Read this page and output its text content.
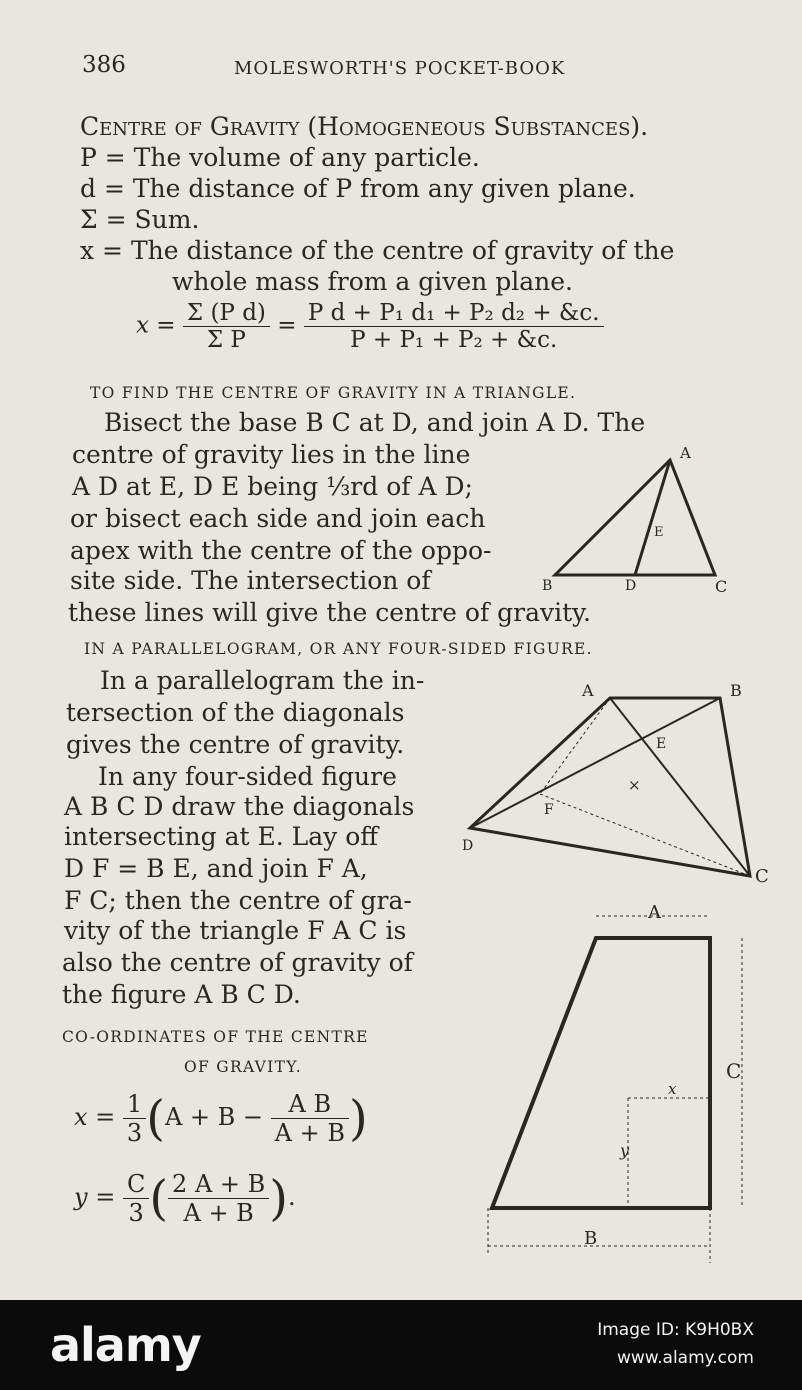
386	MOLESWORTH'S POCKET-BOOK
Centre of Gravity (Homogeneous Substances).
P = The volume of any particle.
d = The distance of P from any given plane.
Σ = Sum.
x = The distance of the centre of gravity of the
whole mass from a given plane.
$x = \frac{\text{Σ (P d)}}{\text{Σ P}} = \frac{\text{P d + P₁ d₁ + P₂ d₂ + \&c.}}{\text{P + P₁ + P₂ + \&c.}}$
TO FIND THE CENTRE OF GRAVITY IN A TRIANGLE.
Bisect the base B C at D, and join A D. The
centre of gravity lies in the line
A D at E, D E being ⅓rd of A D;
or bisect each side and join each
apex with the centre of the oppo-
site side. The intersection of
these lines will give the centre of gravity.
A
B	D	C
E
IN A PARALLELOGRAM, OR ANY FOUR-SIDED FIGURE.
In a parallelogram the in-
tersection of the diagonals
gives the centre of gravity.
In any four-sided figure
A B C D draw the diagonals
intersecting at E. Lay off
D F = B E, and join F A,
F C; then the centre of gra-
vity of the triangle F A C is
also the centre of gravity of
the figure A B C D.
A	B
C
D
E
F
×
CO-ORDINATES OF THE CENTRE
OF GRAVITY.
$x = \frac{1}{3} (A + B - \frac{\text{A B}}{A + B}$ )
$y = \frac{C}{3}$ ( $\frac{2 A + B}{A + B}$ ).
A
B
C
x
y
alamy	Image ID: K9H0BX
www.alamy.com
